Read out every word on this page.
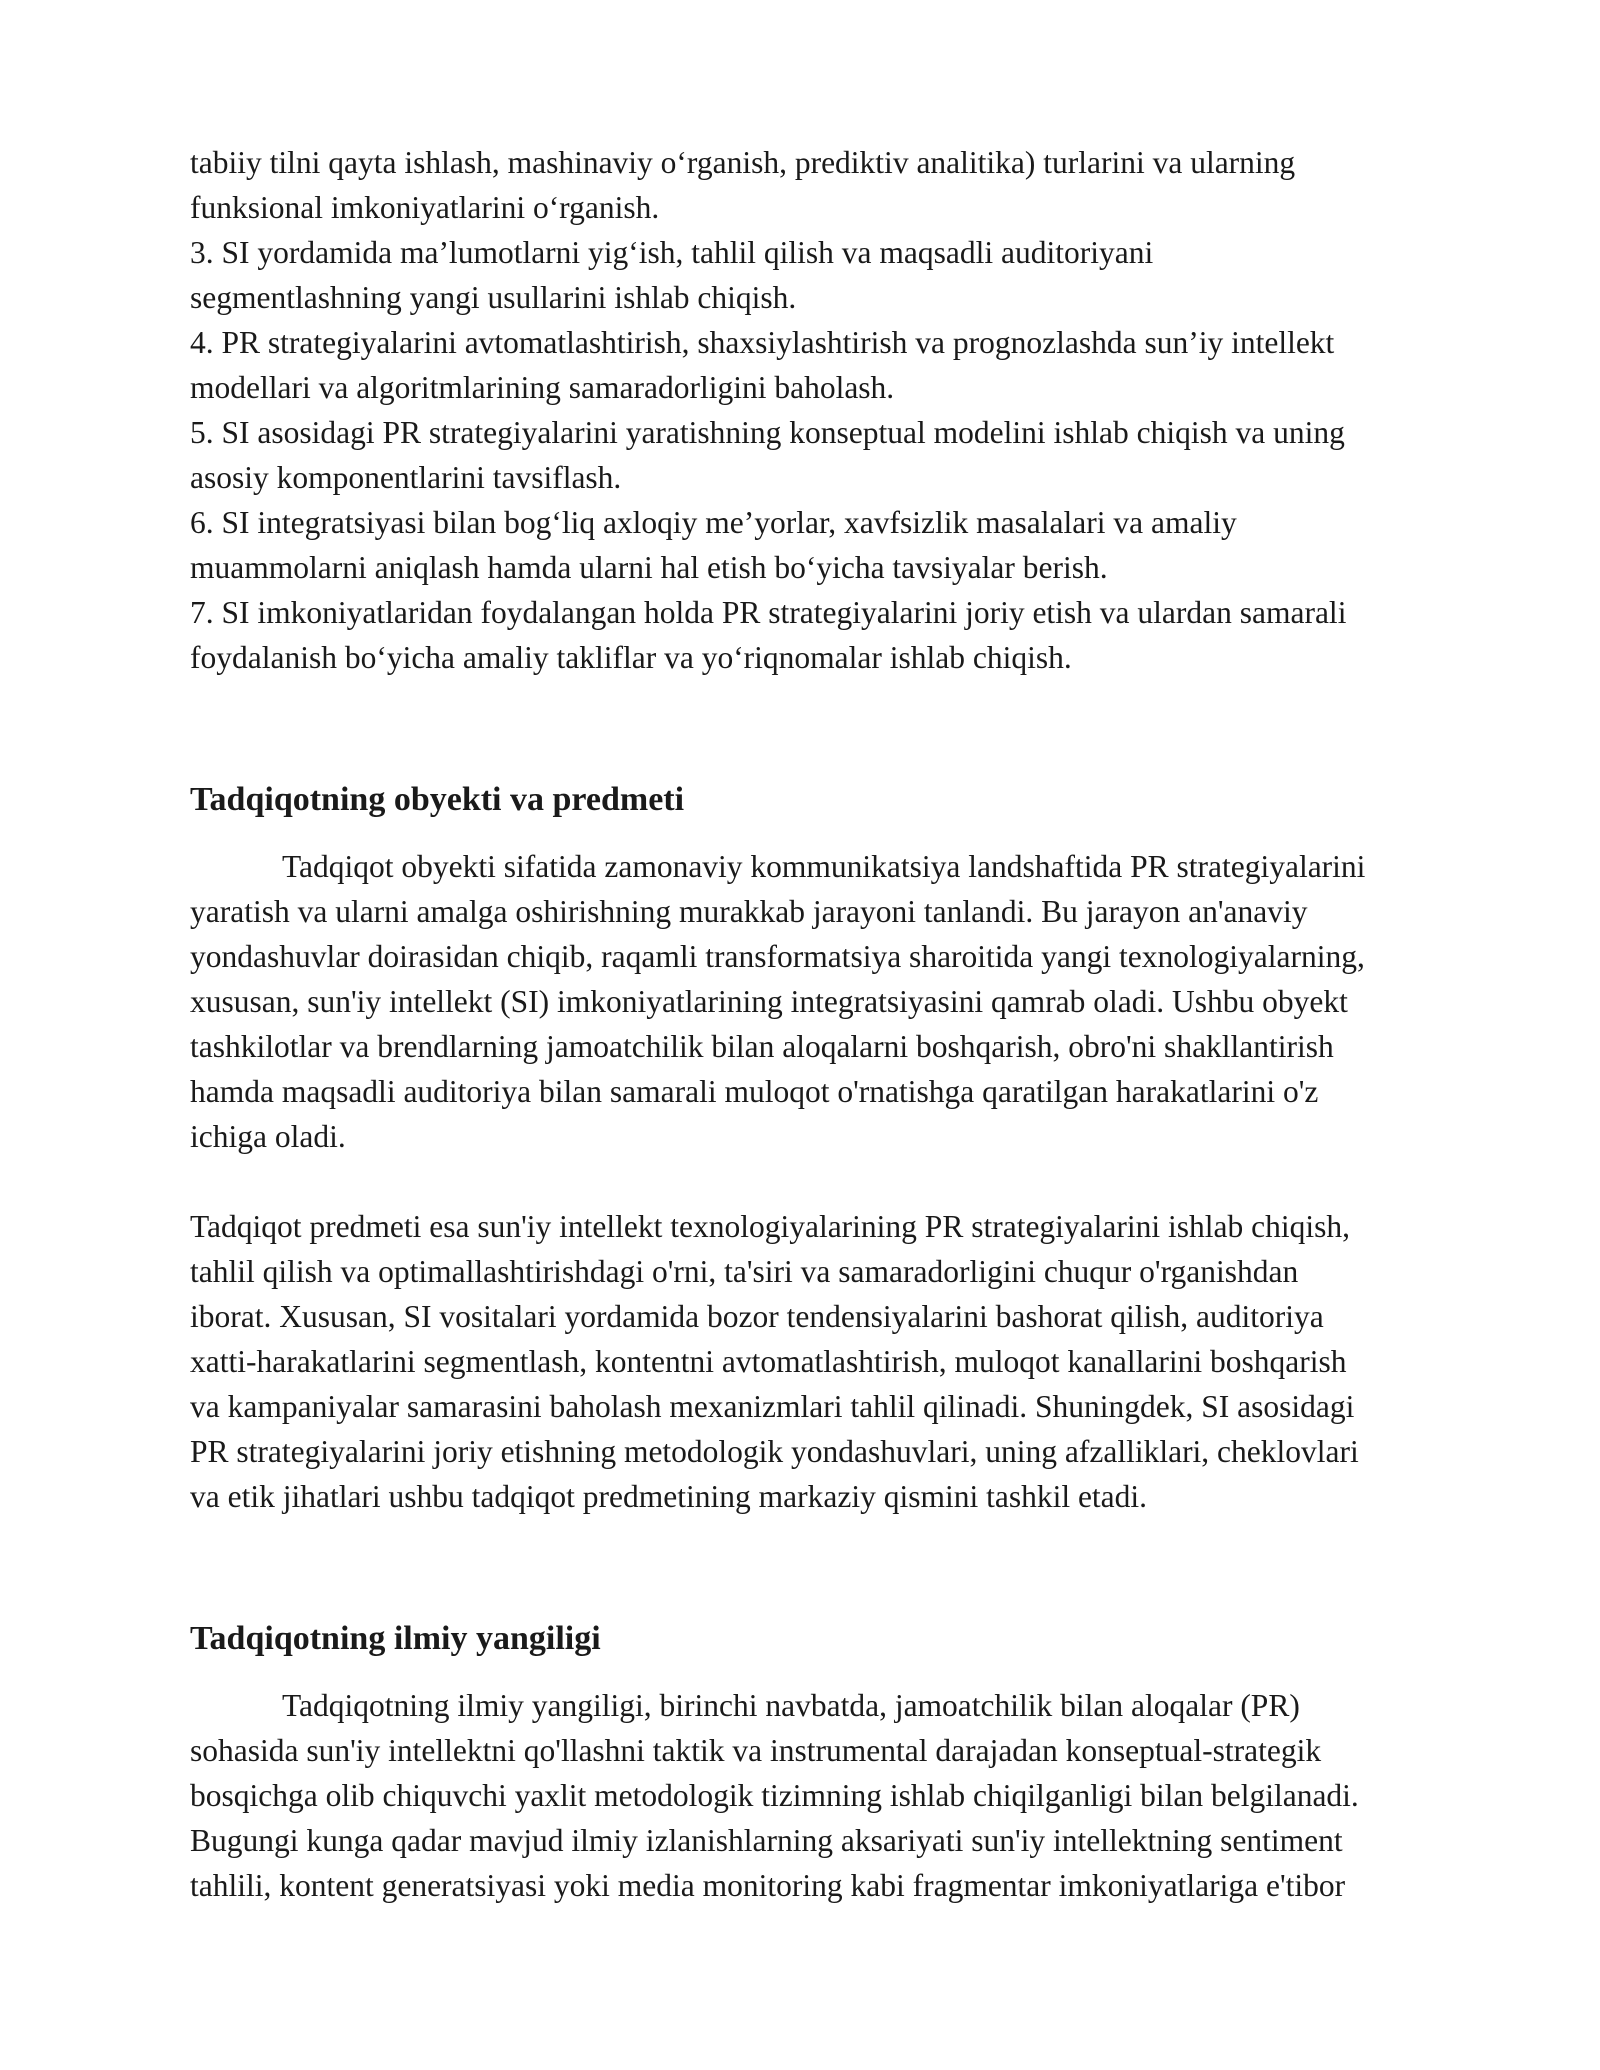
tabiiy tilni qayta ishlash, mashinaviy o‘rganish, prediktiv analitika) turlarini va ularning

funksional imkoniyatlarini o‘rganish.

3. SI yordamida ma’lumotlarni yig‘ish, tahlil qilish va maqsadli auditoriyani

segmentlashning yangi usullarini ishlab chiqish.

4. PR strategiyalarini avtomatlashtirish, shaxsiylashtirish va prognozlashda sun’iy intellekt

modellari va algoritmlarining samaradorligini baholash.

5. SI asosidagi PR strategiyalarini yaratishning konseptual modelini ishlab chiqish va uning

asosiy komponentlarini tavsiflash.

6. SI integratsiyasi bilan bog‘liq axloqiy me’yorlar, xavfsizlik masalalari va amaliy

muammolarni aniqlash hamda ularni hal etish bo‘yicha tavsiyalar berish.

7. SI imkoniyatlaridan foydalangan holda PR strategiyalarini joriy etish va ulardan samarali

foydalanish bo‘yicha amaliy takliflar va yo‘riqnomalar ishlab chiqish.

Tadqiqotning obyekti va predmeti

Tadqiqot obyekti sifatida zamonaviy kommunikatsiya landshaftida PR strategiyalarini

yaratish va ularni amalga oshirishning murakkab jarayoni tanlandi. Bu jarayon an'anaviy

yondashuvlar doirasidan chiqib, raqamli transformatsiya sharoitida yangi texnologiyalarning,

xususan, sun'iy intellekt (SI) imkoniyatlarining integratsiyasini qamrab oladi. Ushbu obyekt

tashkilotlar va brendlarning jamoatchilik bilan aloqalarni boshqarish, obro'ni shakllantirish

hamda maqsadli auditoriya bilan samarali muloqot o'rnatishga qaratilgan harakatlarini o'z

ichiga oladi.

Tadqiqot predmeti esa sun'iy intellekt texnologiyalarining PR strategiyalarini ishlab chiqish,

tahlil qilish va optimallashtirishdagi o'rni, ta'siri va samaradorligini chuqur o'rganishdan

iborat. Xususan, SI vositalari yordamida bozor tendensiyalarini bashorat qilish, auditoriya

xatti-harakatlarini segmentlash, kontentni avtomatlashtirish, muloqot kanallarini boshqarish

va kampaniyalar samarasini baholash mexanizmlari tahlil qilinadi. Shuningdek, SI asosidagi

PR strategiyalarini joriy etishning metodologik yondashuvlari, uning afzalliklari, cheklovlari

va etik jihatlari ushbu tadqiqot predmetining markaziy qismini tashkil etadi.

Tadqiqotning ilmiy yangiligi

Tadqiqotning ilmiy yangiligi, birinchi navbatda, jamoatchilik bilan aloqalar (PR)

sohasida sun'iy intellektni qo'llashni taktik va instrumental darajadan konseptual-strategik

bosqichga olib chiquvchi yaxlit metodologik tizimning ishlab chiqilganligi bilan belgilanadi.

Bugungi kunga qadar mavjud ilmiy izlanishlarning aksariyati sun'iy intellektning sentiment

tahlili, kontent generatsiyasi yoki media monitoring kabi fragmentar imkoniyatlariga e'tibor
